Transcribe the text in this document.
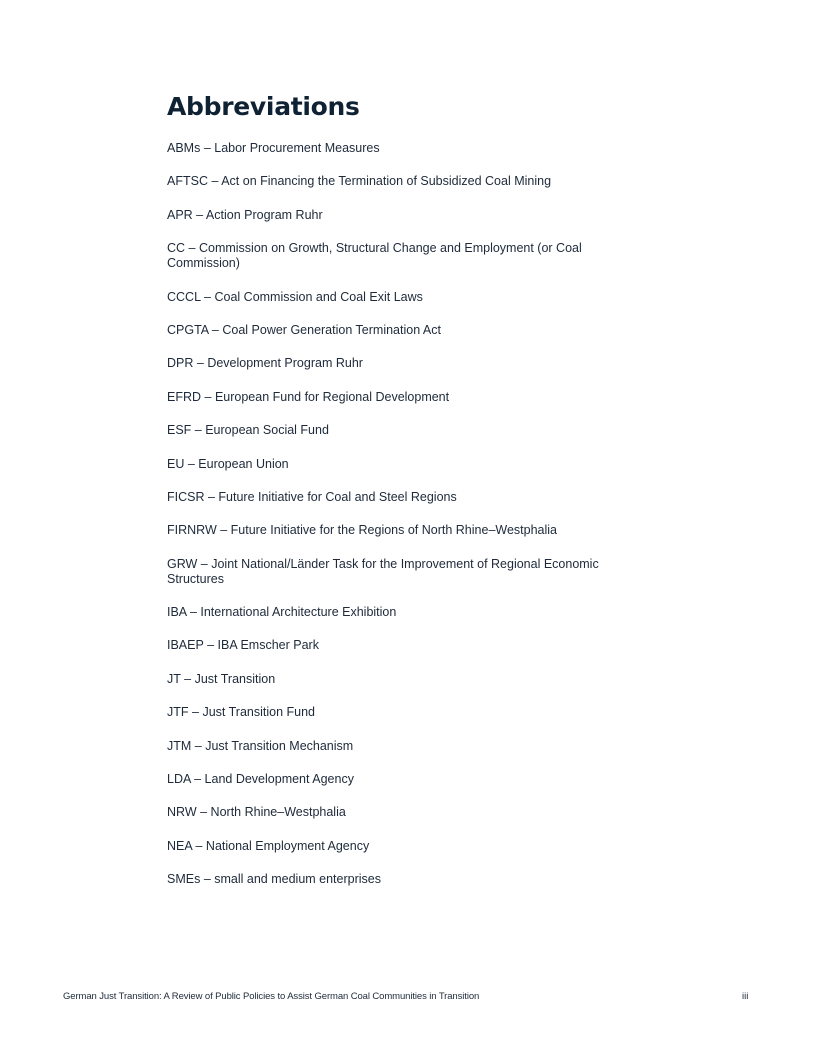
Abbreviations
ABMs – Labor Procurement Measures
AFTSC – Act on Financing the Termination of Subsidized Coal Mining
APR – Action Program Ruhr
CC – Commission on Growth, Structural Change and Employment (or Coal Commission)
CCCL – Coal Commission and Coal Exit Laws
CPGTA – Coal Power Generation Termination Act
DPR – Development Program Ruhr
EFRD – European Fund for Regional Development
ESF – European Social Fund
EU – European Union
FICSR – Future Initiative for Coal and Steel Regions
FIRNRW – Future Initiative for the Regions of North Rhine–Westphalia
GRW – Joint National/Länder Task for the Improvement of Regional Economic Structures
IBA – International Architecture Exhibition
IBAEP – IBA Emscher Park
JT – Just Transition
JTF – Just Transition Fund
JTM – Just Transition Mechanism
LDA – Land Development Agency
NRW – North Rhine–Westphalia
NEA – National Employment Agency
SMEs – small and medium enterprises
German Just Transition: A Review of Public Policies to Assist German Coal Communities in Transition	iii
